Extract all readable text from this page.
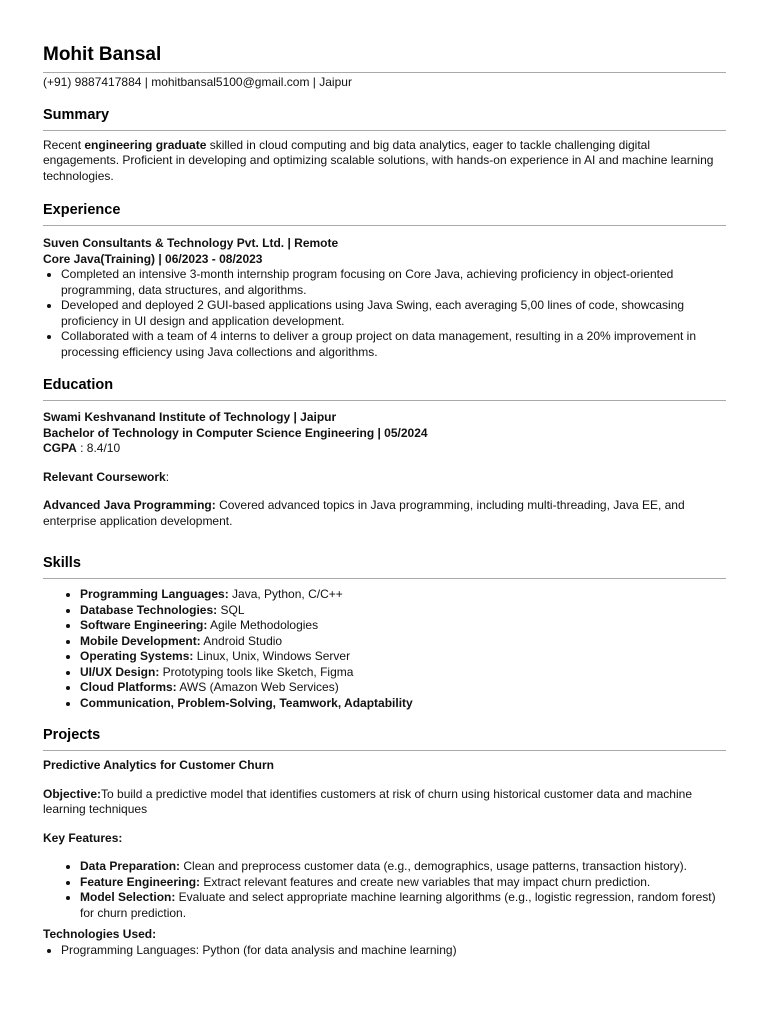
Mohit Bansal

(+91) 9887417884 | mohitbansal5100@gmail.com | Jaipur

Summary

Recent engineering graduate skilled in cloud computing and big data analytics, eager to tackle challenging digital engagements. Proficient in developing and optimizing scalable solutions, with hands-on experience in AI and machine learning technologies.

Experience

Suven Consultants & Technology Pvt. Ltd. | Remote

Core Java(Training) | 06/2023 - 08/2023

• Completed an intensive 3-month internship program focusing on Core Java, achieving proficiency in object-oriented programming, data structures, and algorithms.
• Developed and deployed 2 GUI-based applications using Java Swing, each averaging 5,00 lines of code, showcasing proficiency in UI design and application development.
• Collaborated with a team of 4 interns to deliver a group project on data management, resulting in a 20% improvement in processing efficiency using Java collections and algorithms.
Education

Swami Keshvanand Institute of Technology | Jaipur

Bachelor of Technology in Computer Science Engineering | 05/2024

CGPA : 8.4/10

Relevant Coursework:

Advanced Java Programming: Covered advanced topics in Java programming, including multi-threading, Java EE, and enterprise application development.

Skills
• Programming Languages: Java, Python, C/C++
• Database Technologies: SQL
• Software Engineering: Agile Methodologies
• Mobile Development: Android Studio
• Operating Systems: Linux, Unix, Windows Server
• UI/UX Design: Prototyping tools like Sketch, Figma
• Cloud Platforms: AWS (Amazon Web Services)
• Communication, Problem-Solving, Teamwork, Adaptability
Projects

Predictive Analytics for Customer Churn

Objective:To build a predictive model that identifies customers at risk of churn using historical customer data and machine learning techniques

Key Features:

• Data Preparation: Clean and preprocess customer data (e.g., demographics, usage patterns, transaction history).
• Feature Engineering: Extract relevant features and create new variables that may impact churn prediction.
• Model Selection: Evaluate and select appropriate machine learning algorithms (e.g., logistic regression, random forest) for churn prediction.

Technologies Used:

• Programming Languages: Python (for data analysis and machine learning)
